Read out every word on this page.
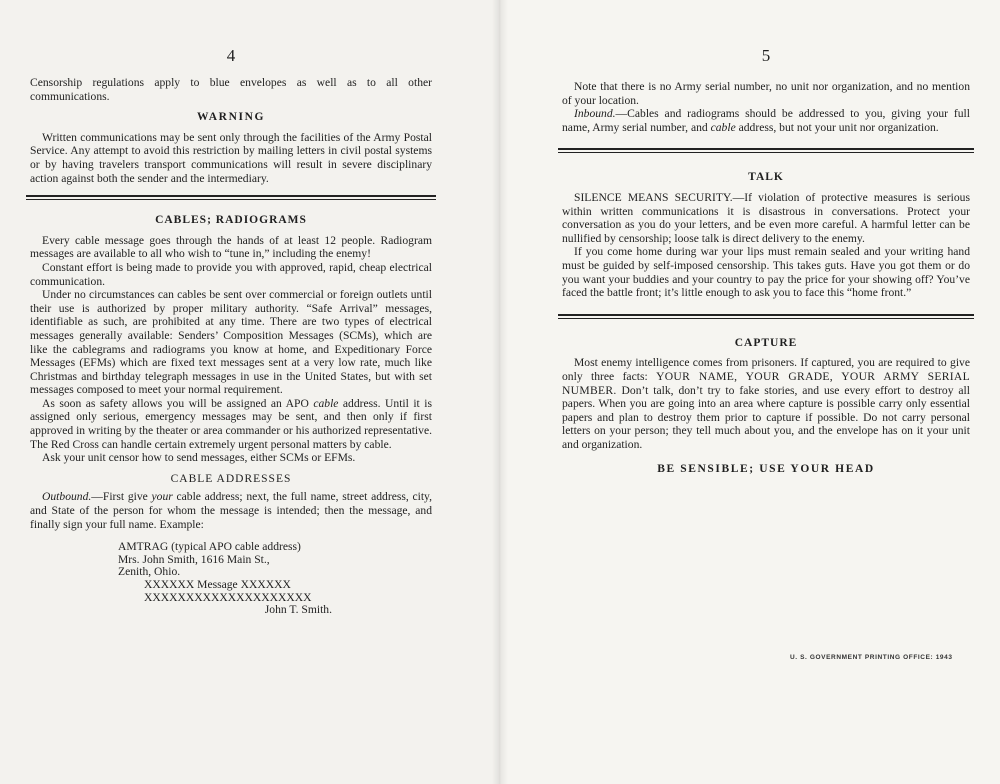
4

Censorship regulations apply to blue envelopes as well as to all other communications.

WARNING

Written communications may be sent only through the facilities of the Army Postal Service. Any attempt to avoid this restriction by mailing letters in civil postal systems or by having travelers transport communications will result in severe disciplinary action against both the sender and the intermediary.

CABLES; RADIOGRAMS

Every cable message goes through the hands of at least 12 people. Radiogram messages are available to all who wish to “tune in,” including the enemy!

Constant effort is being made to provide you with approved, rapid, cheap electrical communication.

Under no circumstances can cables be sent over commercial or foreign outlets until their use is authorized by proper military authority. “Safe Arrival” messages, identifiable as such, are prohibited at any time. There are two types of electrical messages generally available: Senders’ Composition Messages (SCMs), which are like the cablegrams and radiograms you know at home, and Expeditionary Force Messages (EFMs) which are fixed text messages sent at a very low rate, much like Christmas and birthday telegraph messages in use in the United States, but with set messages composed to meet your normal requirement.

As soon as safety allows you will be assigned an APO cable address. Until it is assigned only serious, emergency messages may be sent, and then only if first approved in writing by the theater or area commander or his authorized representative. The Red Cross can handle certain extremely urgent personal matters by cable.

Ask your unit censor how to send messages, either SCMs or EFMs.

CABLE ADDRESSES

Outbound.—First give your cable address; next, the full name, street address, city, and State of the person for whom the message is intended; then the message, and finally sign your full name. Example:

AMTRAG (typical APO cable address)
Mrs. John Smith, 1616 Main St.,
Zenith, Ohio.
XXXXXX Message XXXXXX
XXXXXXXXXXXXXXXXXXXX
John T. Smith.
5

Note that there is no Army serial number, no unit nor organization, and no mention of your location.

Inbound.—Cables and radiograms should be addressed to you, giving your full name, Army serial number, and cable address, but not your unit nor organization.

TALK

SILENCE MEANS SECURITY.—If violation of protective measures is serious within written communications it is disastrous in conversations. Protect your conversation as you do your letters, and be even more careful. A harmful letter can be nullified by censorship; loose talk is direct delivery to the enemy.

If you come home during war your lips must remain sealed and your writing hand must be guided by self-imposed censorship. This takes guts. Have you got them or do you want your buddies and your country to pay the price for your showing off? You’ve faced the battle front; it’s little enough to ask you to face this “home front.”

CAPTURE

Most enemy intelligence comes from prisoners. If captured, you are required to give only three facts: YOUR NAME, YOUR GRADE, YOUR ARMY SERIAL NUMBER. Don’t talk, don’t try to fake stories, and use every effort to destroy all papers. When you are going into an area where capture is possible carry only essential papers and plan to destroy them prior to capture if possible. Do not carry personal letters on your person; they tell much about you, and the envelope has on it your unit and organization.

BE SENSIBLE; USE YOUR HEAD
U. S. GOVERNMENT PRINTING OFFICE: 1943
